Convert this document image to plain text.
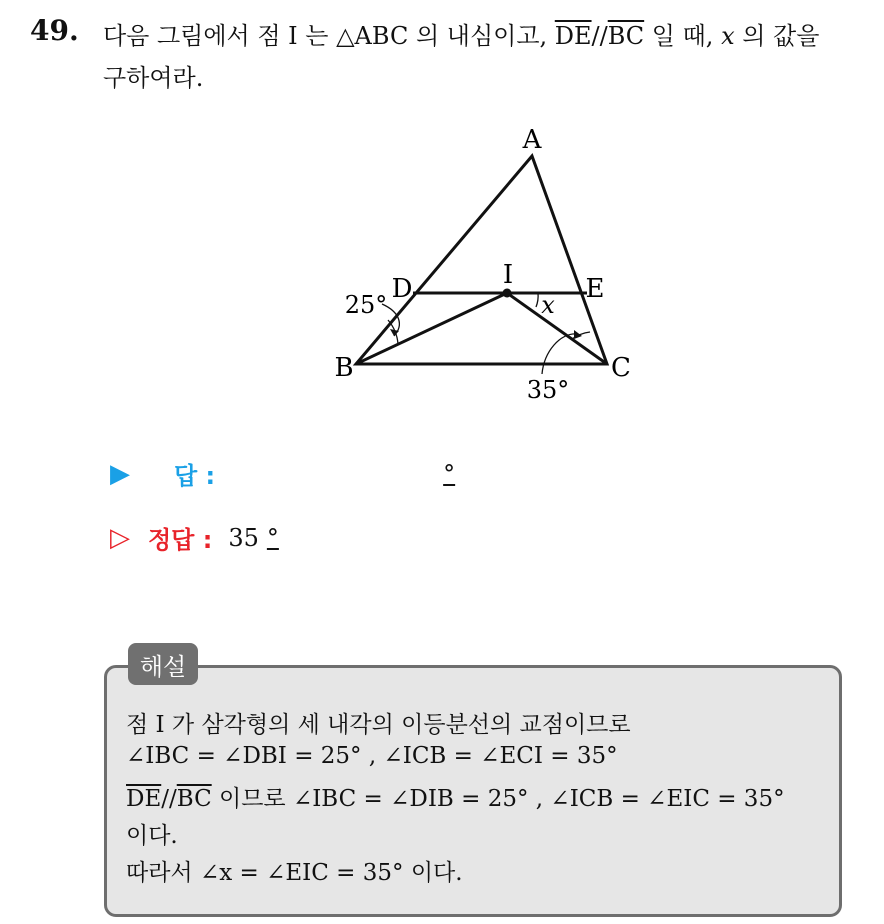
49. 다음 그림에서 점 I 는 △ABC 의 내심이고, $\overline{DE}//\overline{BC}$ 일 때, x 의 값을
구하여라.
A
B	C
D	E
I
x
25°
35°
▶	답 :	°
▷ 정답 : 35 °
해설
점 I 가 삼각형의 세 내각의 이등분선의 교점이므로
∠IBC = ∠DBI = 25° , ∠ICB = ∠ECI = 35°
$\overline{DE}//\overline{BC}$ 이므로 ∠IBC = ∠DIB = 25° , ∠ICB = ∠EIC = 35°
이다.
따라서 ∠x = ∠EIC = 35° 이다.
